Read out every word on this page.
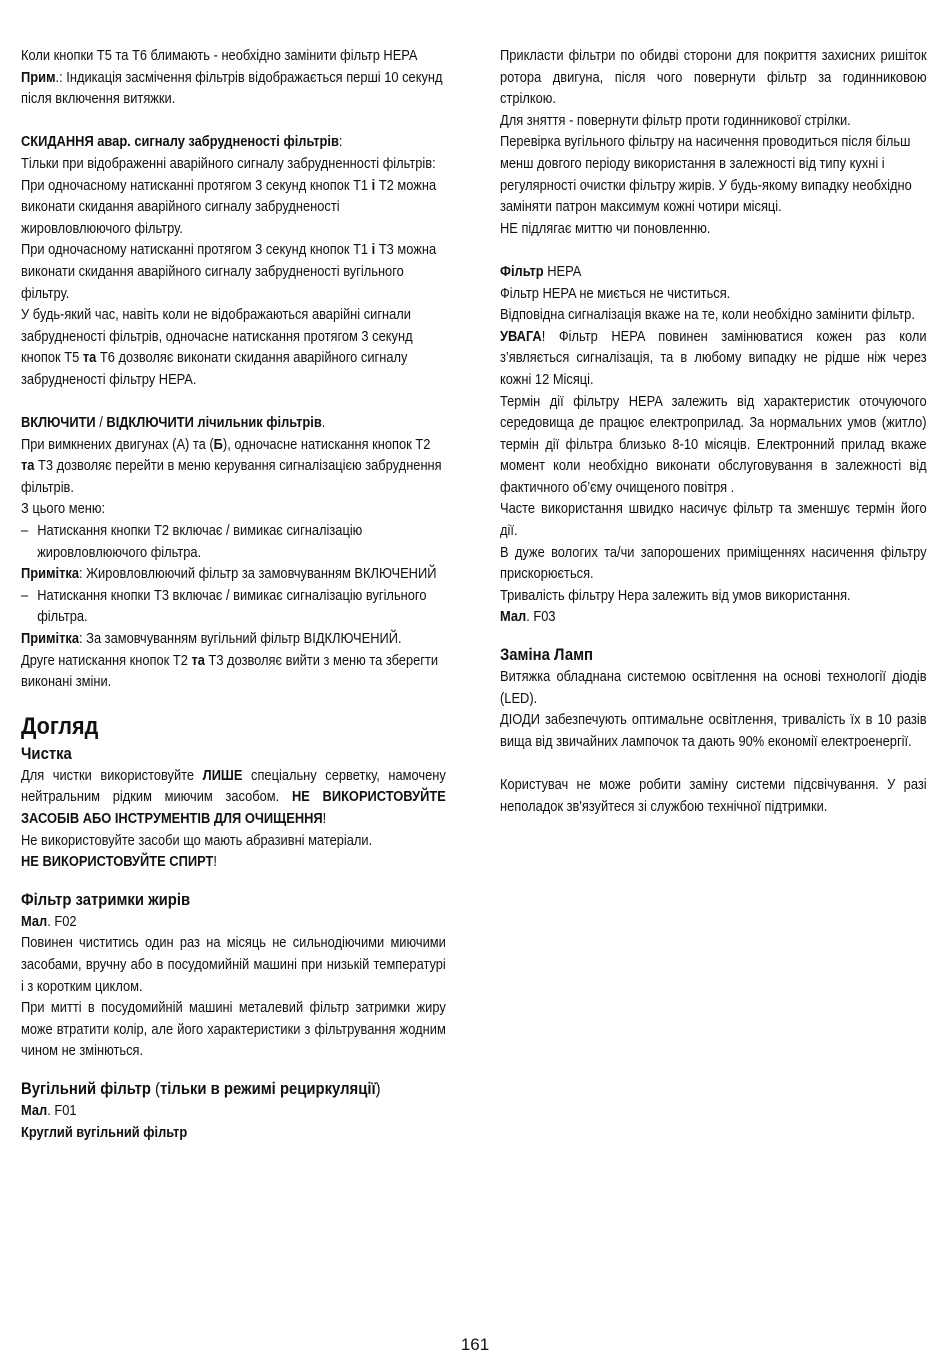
Коли кнопки T5 та T6 блимають - необхідно замінити фільтр HEPA

Прим.: Індикація засмічення фільтрів відображається перші 10 секунд після включення витяжки.

СКИДАННЯ авар. сигналу забрудненості фільтрів:

Тільки при відображенні аварійного сигналу забрудненності фільтрів:

При одночасному натисканні протягом 3 секунд кнопок T1 і T2 можна виконати скидання аварійного сигналу забрудненості жировловлюючого фільтру.

При одночасному натисканні протягом 3 секунд кнопок T1 і T3 можна виконати скидання аварійного сигналу забрудненості вугільного фільтру.

У будь-який час, навіть коли не відображаються аварійні сигнали забрудненості фільтрів, одночасне натискання протягом 3 секунд кнопок T5 та T6 дозволяє виконати скидання аварійного сигналу забрудненості фільтру HEPA.

ВКЛЮЧИТИ / ВІДКЛЮЧИТИ лічильник фільтрів.

При вимкнених двигунах (A) та (Б), одночасне натискання кнопок T2 та T3 дозволяє перейти в меню керування сигналізацією забруднення фільтрів.

З цього меню:

– Натискання кнопки T2 включає / вимикає сигналізацію жировловлюючого фільтра.

Примітка: Жировловлюючий фільтр за замовчуванням ВКЛЮЧЕНИЙ

– Натискання кнопки T3 включає / вимикає сигналізацію вугільного фільтра.

Примітка: За замовчуванням вугільний фільтр ВІДКЛЮЧЕНИЙ.

Друге натискання кнопок T2 та T3 дозволяє вийти з меню та зберегти виконані зміни.

Догляд
Чистка

Для чистки використовуйте ЛИШЕ спеціальну серветку, намочену нейтральним рідким миючим засобом. НЕ ВИКОРИСТОВУЙТЕ ЗАСОБІВ АБО ІНСТРУМЕНТІВ ДЛЯ ОЧИЩЕННЯ!

Не використовуйте засоби що мають абразивні матеріали.

НЕ ВИКОРИСТОВУЙТЕ СПИРТ!

Фільтр затримки жирів

Мал. F02

Повинен чиститись один раз на місяць не сильнодіючими миючими засобами, вручну або в посудомийній машині при низькій температурі і з коротким циклом.

При митті в посудомийній машині металевий фільтр затримки жиру може втратити колір, але його характеристики з фільтрування жодним чином не змінються.

Вугільний фільтр (тільки в режимі рециркуляції)

Мал. F01

Круглий вугільний фільтр

Прикласти фільтри по обидві сторони для покриття захисних ришіток ротора двигуна, після чого повернути фільтр за годинниковою стрілкою.

Для зняття - повернути фільтр проти годинникової стрілки.

Перевірка вугільного фільтру на насичення проводиться після більш менш довгого періоду використання в залежності від типу кухні і регулярності очистки фільтру жирів. У будь-якому випадку необхідно заміняти патрон максимум кожні чотири місяці.

НЕ підлягає миттю чи поновленню.

Фільтр HEPA

Фільтр HEPA не миється не чиститься.

Відповідна сигналізація вкаже на те, коли необхідно замінити фільтр.

УВАГА! Фільтр HEPA повинен замінюватися кожен раз коли з’являється сигналізація, та в любому випадку не рідше ніж через кожні 12 Місяці.

Термін дії фільтру HEPA залежить від характеристик оточуючого середовища де працює електроприлад. За нормальних умов (житло) термін дії фільтра близько 8-10 місяців. Електронний прилад вкаже момент коли необхідно виконати обслуговування в залежності від фактичного об’єму очищеного повітря .

Часте використання швидко насичує фільтр та зменшує термін його дії.

В дуже вологих та/чи запорошених приміщеннях насичення фільтру прискорюється.

Тривалість фільтру Hepa залежить від умов використання.

Мал. F03

Заміна Ламп

Витяжка обладнана системою освітлення на основі технології діодів (LED).

ДІОДИ забезпечують оптимальне освітлення, тривалість їх в 10 разів вища від звичайних лампочок та дають 90% економії електроенергії.

Користувач не може робити заміну системи підсвічування. У разі неполадок зв'язуйтеся зі службою технічної підтримки.

161
